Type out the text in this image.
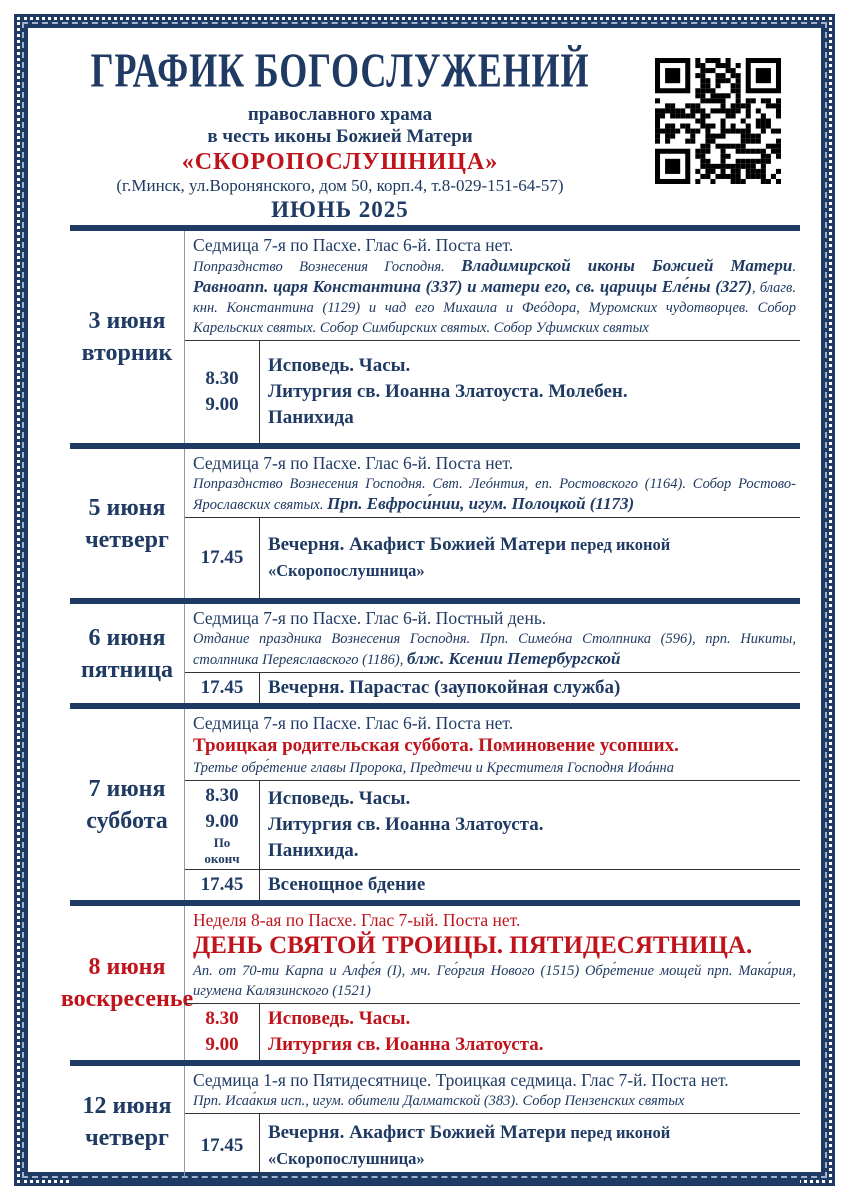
ГРАФИК БОГОСЛУЖЕНИЙ
православного храма
в честь иконы Божией Матери
«СКОРОПОСЛУШНИЦА»
(г.Минск, ул.Воронянского, дом 50, корп.4, т.8-029-151-64-57)
ИЮНЬ 2025
3 июня
вторник
Седмица 7-я по Пасхе. Глас 6-й. Поста нет.
Попразднство Вознесения Господня. Владимирской иконы Божией Матери. Равноапп. царя Константина (337) и матери его, св. царицы Еле́ны (327), благв. кнн. Константина (1129) и чад его Михаила и Феóдора, Муромских чудотворцев. Собор Карельских святых. Собор Симбирских святых. Собор Уфимских святых
8.30
9.00
Исповедь. Часы.
Литургия св. Иоанна Златоуста. Молебен.
Панихида
5 июня
четверг
Седмица 7-я по Пасхе. Глас 6-й. Поста нет.
Попразднство Вознесения Господня. Свт. Леóнтия, еп. Ростовского (1164). Собор Ростово-Ярославских святых. Прп. Евфроси́нии, игум. Полоцкой (1173)
17.45
Вечерня. Акафист Божией Матери перед иконой
«Скоропослушница»
6 июня
пятница
Седмица 7-я по Пасхе. Глас 6-й. Постный день.
Отдание праздника Вознесения Господня. Прп. Симеóна Столпника (596), прп. Никиты, столпника Переяславского (1186), блж. Ксении Петербургской
17.45	Вечерня. Парастас (заупокойная служба)
7 июня
суббота
Седмица 7-я по Пасхе. Глас 6-й. Поста нет.
Троицкая родительская суббота. Поминовение усопших.
Третье обре́тение главы Пророка, Предтечи и Крестителя Господня Иоáнна
8.30
9.00
По
оконч
Исповедь. Часы.
Литургия св. Иоанна Златоуста.
Панихида.
17.45	Всенощное бдение
8 июня
воскресенье
Неделя 8-ая по Пасхе. Глас 7-ый. Поста нет.
ДЕНЬ СВЯТОЙ ТРОИЦЫ. ПЯТИДЕСЯТНИЦА.
Ап. от 70-ти Карпа и Алфе́я (I), мч. Гео́ргия Нового (1515) Обре́тение мощей прп. Мака́рия, игумена Калязинского (1521)
8.30
9.00
Исповедь. Часы.
Литургия св. Иоанна Златоуста.
12 июня
четверг
Седмица 1-я по Пятидесятнице. Троицкая седмица. Глас 7-й. Поста нет.
Прп. Исаа́кия исп., игум. обители Далматской (383). Собор Пензенских святых
17.45
Вечерня. Акафист Божией Матери перед иконой
«Скоропослушница»
